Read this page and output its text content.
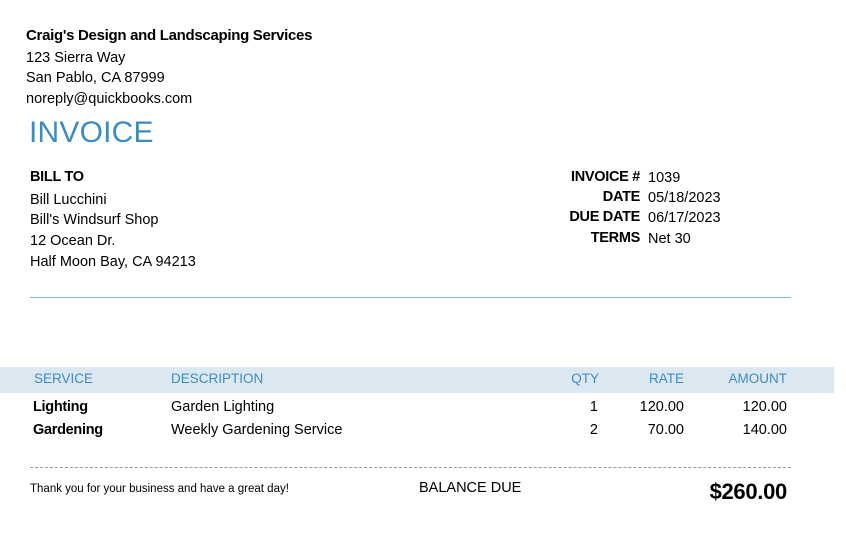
Craig's Design and Landscaping Services
123 Sierra Way
San Pablo, CA 87999
noreply@quickbooks.com
INVOICE
BILL TO
Bill Lucchini
Bill's Windsurf Shop
12 Ocean Dr.
Half Moon Bay, CA 94213
INVOICE # 1039
DATE 05/18/2023
DUE DATE 06/17/2023
TERMS Net 30
SERVICE	DESCRIPTION	QTY	RATE	AMOUNT
Lighting	Garden Lighting	1	120.00	120.00
Gardening	Weekly Gardening Service	2	70.00	140.00
Thank you for your business and have a great day!	BALANCE DUE	$260.00
